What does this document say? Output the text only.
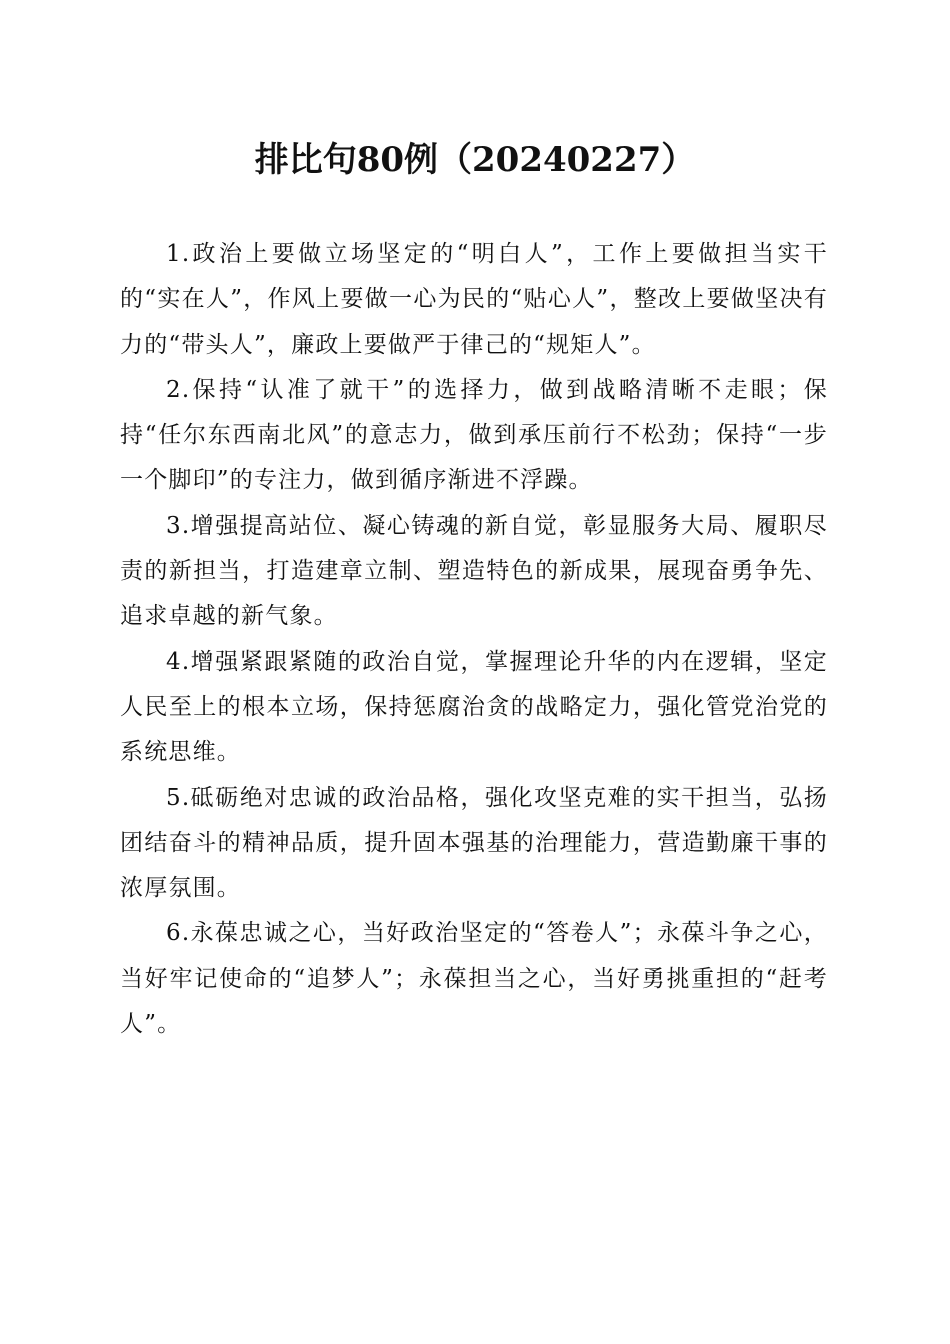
排比句80例（20240227）

1.政治上要做立场坚定的“明白人”，工作上要做担当实干的“实在人”，作风上要做一心为民的“贴心人”，整改上要做坚决有力的“带头人”，廉政上要做严于律己的“规矩人”。

2.保持“认准了就干”的选择力，做到战略清晰不走眼；保持“任尔东西南北风”的意志力，做到承压前行不松劲；保持“一步一个脚印”的专注力，做到循序渐进不浮躁。

3.增强提高站位、凝心铸魂的新自觉，彰显服务大局、履职尽责的新担当，打造建章立制、塑造特色的新成果，展现奋勇争先、追求卓越的新气象。

4.增强紧跟紧随的政治自觉，掌握理论升华的内在逻辑，坚定人民至上的根本立场，保持惩腐治贪的战略定力，强化管党治党的系统思维。

5.砥砺绝对忠诚的政治品格，强化攻坚克难的实干担当，弘扬团结奋斗的精神品质，提升固本强基的治理能力，营造勤廉干事的浓厚氛围。

6.永葆忠诚之心，当好政治坚定的“答卷人”；永葆斗争之心，当好牢记使命的“追梦人”；永葆担当之心，当好勇挑重担的“赶考人”。
